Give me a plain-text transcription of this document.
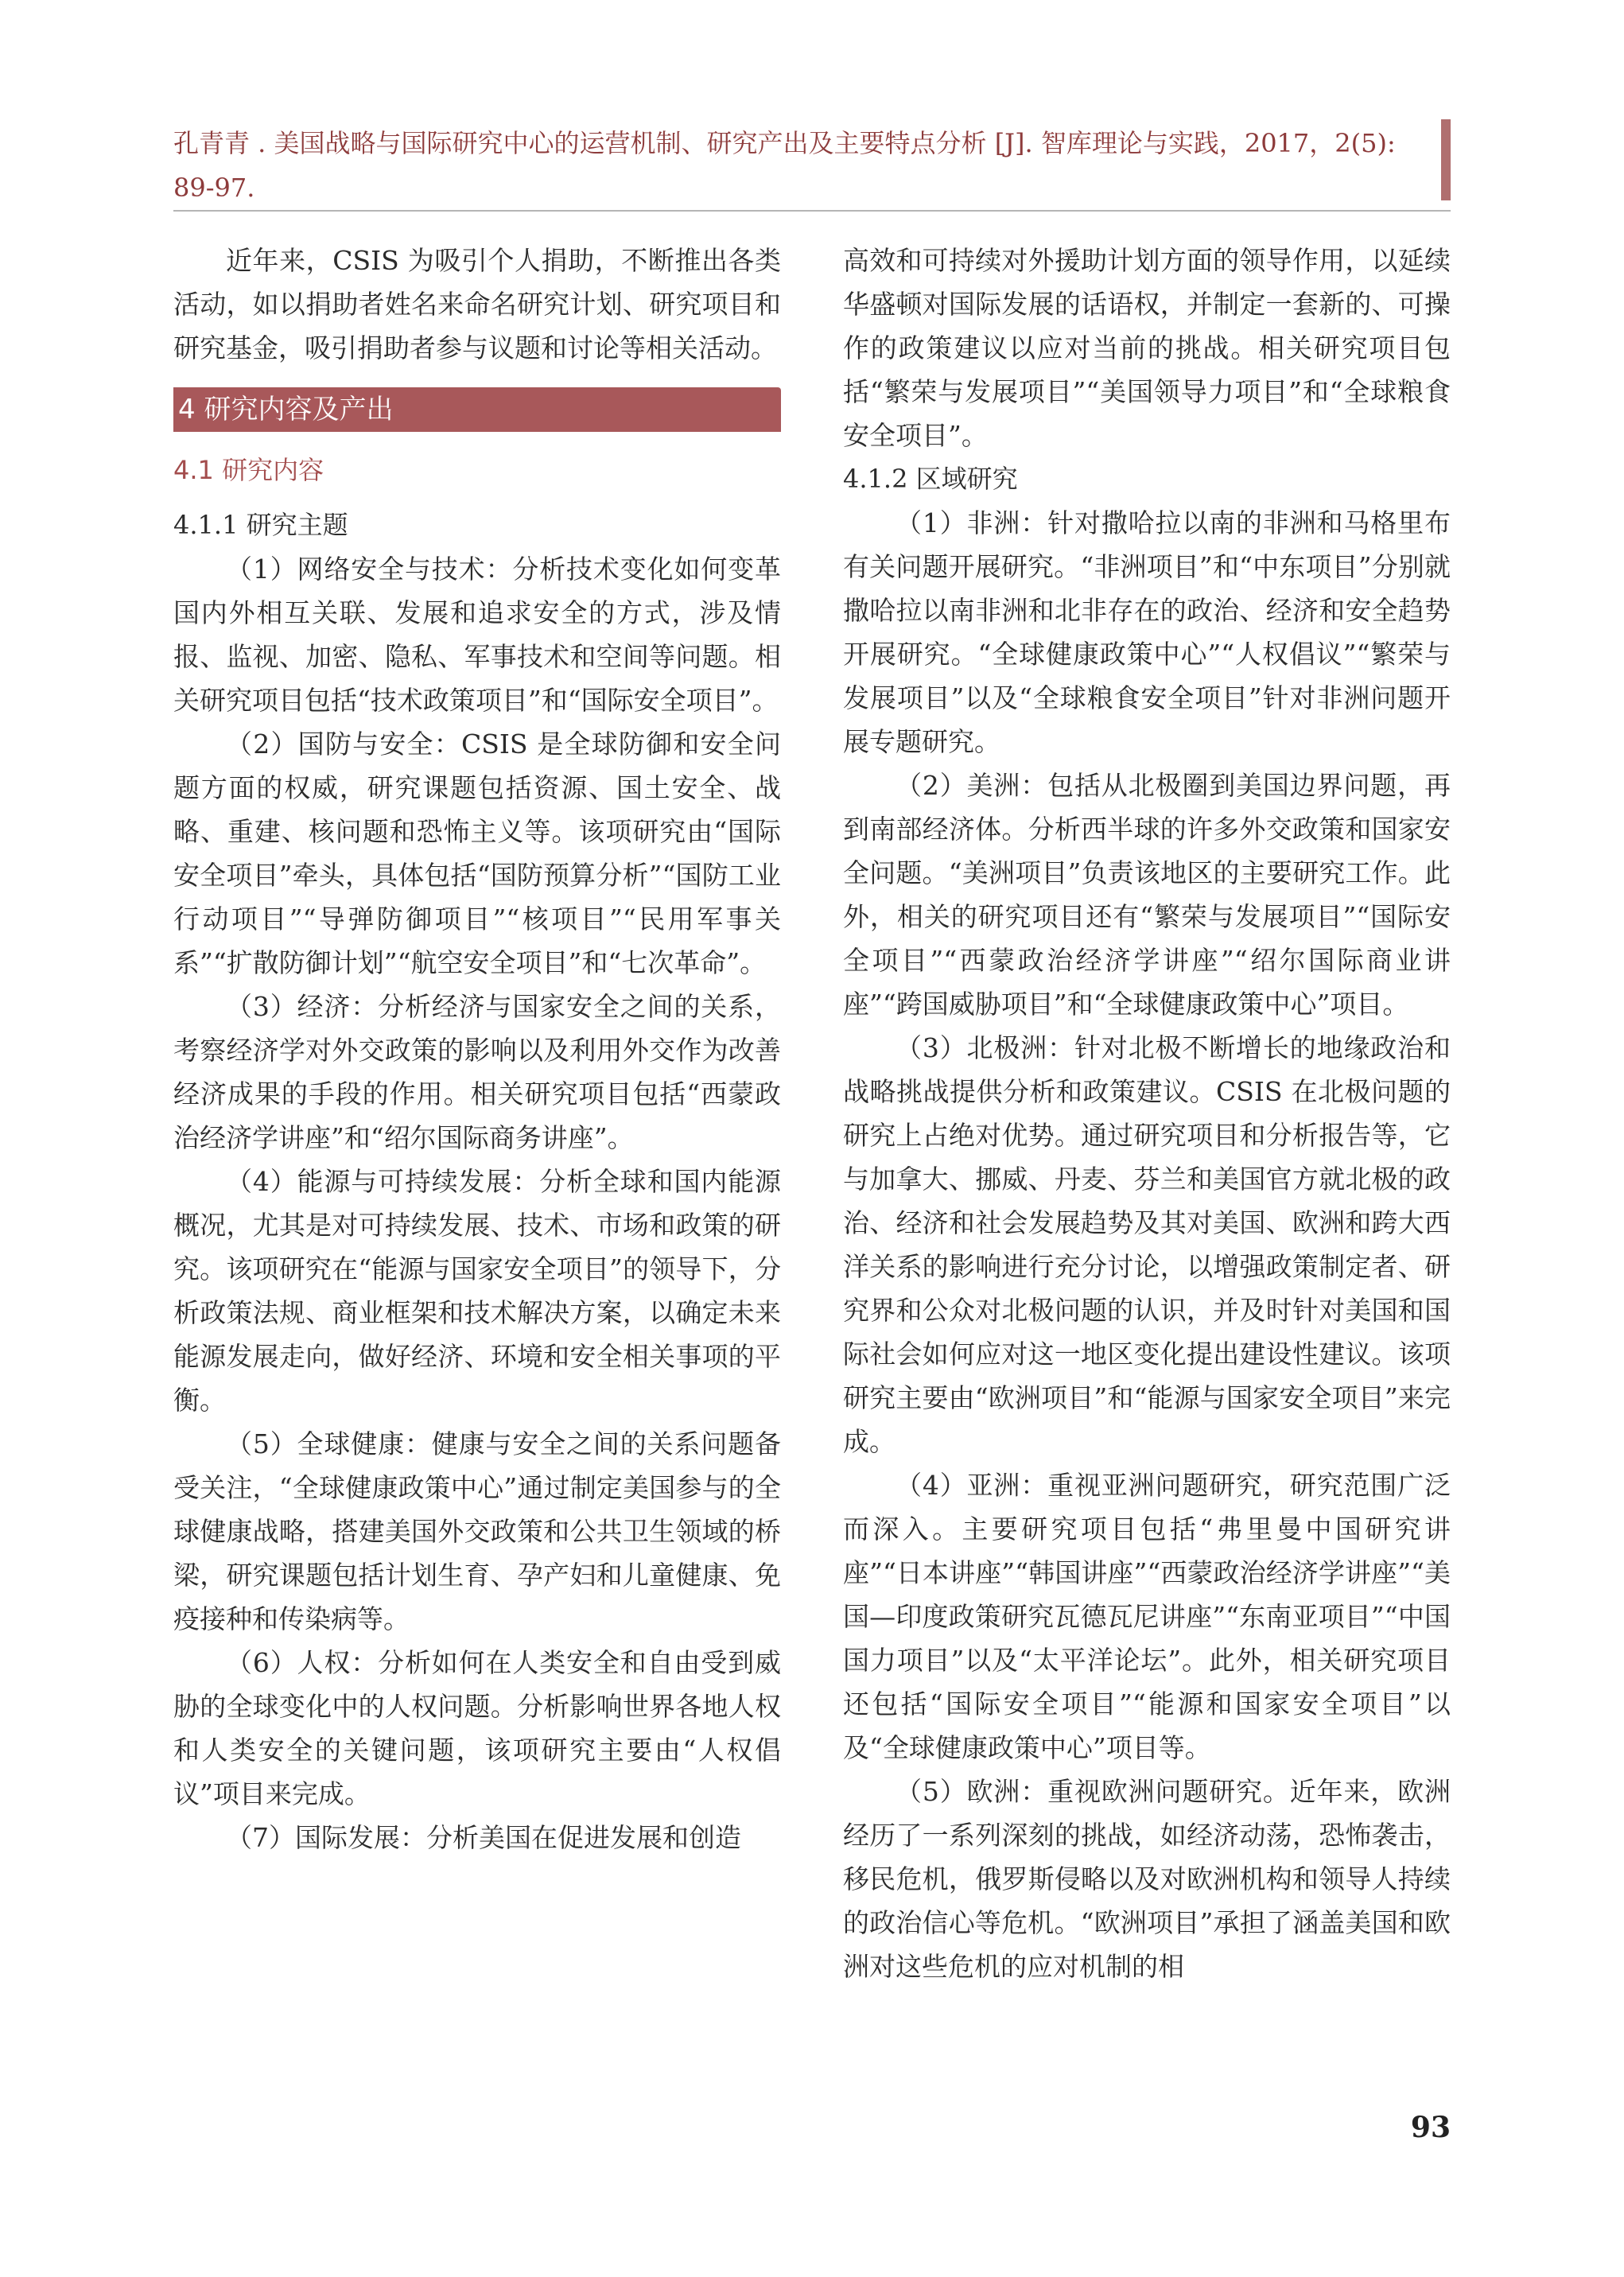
孔青青 . 美国战略与国际研究中心的运营机制、研究产出及主要特点分析 [J]. 智库理论与实践，2017，2(5): 89-97.

近年来，CSIS 为吸引个人捐助，不断推出各类活动，如以捐助者姓名来命名研究计划、研究项目和研究基金，吸引捐助者参与议题和讨论等相关活动。

4 研究内容及产出
4.1 研究内容
4.1.1 研究主题

（1）网络安全与技术：分析技术变化如何变革国内外相互关联、发展和追求安全的方式，涉及情报、监视、加密、隐私、军事技术和空间等问题。相关研究项目包括“技术政策项目”和“国际安全项目”。

（2）国防与安全：CSIS 是全球防御和安全问题方面的权威，研究课题包括资源、国土安全、战略、重建、核问题和恐怖主义等。该项研究由“国际安全项目”牵头，具体包括“国防预算分析”“国防工业行动项目”“导弹防御项目”“核项目”“民用军事关系”“扩散防御计划”“航空安全项目”和“七次革命”。

（3）经济：分析经济与国家安全之间的关系，考察经济学对外交政策的影响以及利用外交作为改善经济成果的手段的作用。相关研究项目包括“西蒙政治经济学讲座”和“绍尔国际商务讲座”。

（4）能源与可持续发展：分析全球和国内能源概况，尤其是对可持续发展、技术、市场和政策的研究。该项研究在“能源与国家安全项目”的领导下，分析政策法规、商业框架和技术解决方案，以确定未来能源发展走向，做好经济、环境和安全相关事项的平衡。

（5）全球健康：健康与安全之间的关系问题备受关注，“全球健康政策中心”通过制定美国参与的全球健康战略，搭建美国外交政策和公共卫生领域的桥梁，研究课题包括计划生育、孕产妇和儿童健康、免疫接种和传染病等。

（6）人权：分析如何在人类安全和自由受到威胁的全球变化中的人权问题。分析影响世界各地人权和人类安全的关键问题，该项研究主要由“人权倡议”项目来完成。

（7）国际发展：分析美国在促进发展和创造

高效和可持续对外援助计划方面的领导作用，以延续华盛顿对国际发展的话语权，并制定一套新的、可操作的政策建议以应对当前的挑战。相关研究项目包括“繁荣与发展项目”“美国领导力项目”和“全球粮食安全项目”。

4.1.2 区域研究

（1）非洲：针对撒哈拉以南的非洲和马格里布有关问题开展研究。“非洲项目”和“中东项目”分别就撒哈拉以南非洲和北非存在的政治、经济和安全趋势开展研究。“全球健康政策中心”“人权倡议”“繁荣与发展项目”以及“全球粮食安全项目”针对非洲问题开展专题研究。

（2）美洲：包括从北极圈到美国边界问题，再到南部经济体。分析西半球的许多外交政策和国家安全问题。“美洲项目”负责该地区的主要研究工作。此外，相关的研究项目还有“繁荣与发展项目”“国际安全项目”“西蒙政治经济学讲座”“绍尔国际商业讲座”“跨国威胁项目”和“全球健康政策中心”项目。

（3）北极洲：针对北极不断增长的地缘政治和战略挑战提供分析和政策建议。CSIS 在北极问题的研究上占绝对优势。通过研究项目和分析报告等，它与加拿大、挪威、丹麦、芬兰和美国官方就北极的政治、经济和社会发展趋势及其对美国、欧洲和跨大西洋关系的影响进行充分讨论，以增强政策制定者、研究界和公众对北极问题的认识，并及时针对美国和国际社会如何应对这一地区变化提出建设性建议。该项研究主要由“欧洲项目”和“能源与国家安全项目”来完成。

（4）亚洲：重视亚洲问题研究，研究范围广泛而深入。主要研究项目包括“弗里曼中国研究讲座”“日本讲座”“韩国讲座”“西蒙政治经济学讲座”“美国—印度政策研究瓦德瓦尼讲座”“东南亚项目”“中国国力项目”以及“太平洋论坛”。此外，相关研究项目还包括“国际安全项目”“能源和国家安全项目”以及“全球健康政策中心”项目等。

（5）欧洲：重视欧洲问题研究。近年来，欧洲经历了一系列深刻的挑战，如经济动荡，恐怖袭击，移民危机，俄罗斯侵略以及对欧洲机构和领导人持续的政治信心等危机。“欧洲项目”承担了涵盖美国和欧洲对这些危机的应对机制的相

93
